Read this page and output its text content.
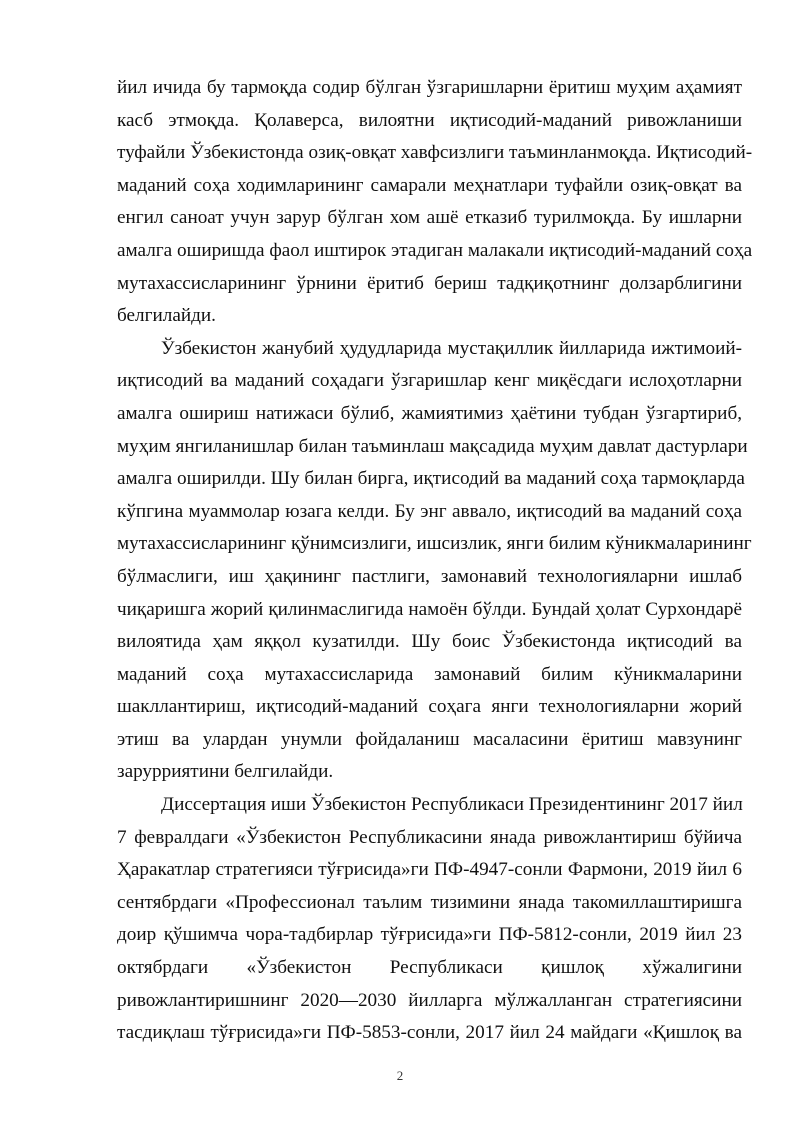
йил ичида бу тармоқда содир бўлган ўзгаришларни ёритиш муҳим аҳамият
касб этмоқда. Қолаверса, вилоятни иқтисодий-маданий ривожланиши
туфайли Ўзбекистонда озиқ-овқат хавфсизлиги таъминланмоқда. Иқтисодий-
маданий соҳа ходимларининг самарали меҳнатлари туфайли озиқ-овқат ва
енгил саноат учун зарур бўлган хом ашё етказиб турилмоқда. Бу ишларни
амалга оширишда фаол иштирок этадиган малакали иқтисодий-маданий соҳа
мутахассисларининг ўрнини ёритиб бериш тадқиқотнинг долзарблигини
белгилайди.
Ўзбекистон жанубий ҳудудларида мустақиллик йилларида ижтимоий-
иқтисодий ва маданий соҳадаги ўзгаришлар кенг миқёсдаги ислоҳотларни
амалга ошириш натижаси бўлиб, жамиятимиз ҳаётини тубдан ўзгартириб,
муҳим янгиланишлар билан таъминлаш мақсадида муҳим давлат дастурлари
амалга оширилди. Шу билан бирга, иқтисодий ва маданий соҳа тармоқларда
кўпгина муаммолар юзага келди. Бу энг аввало, иқтисодий ва маданий соҳа
мутахассисларининг қўнимсизлиги, ишсизлик, янги билим кўникмаларининг
бўлмаслиги, иш ҳақининг пастлиги, замонавий технологияларни ишлаб
чиқаришга жорий қилинмаслигида намоён бўлди. Бундай ҳолат Сурхондарё
вилоятида ҳам яққол кузатилди. Шу боис Ўзбекистонда иқтисодий ва
маданий соҳа мутахассисларида замонавий билим кўникмаларини
шакллантириш, иқтисодий-маданий соҳага янги технологияларни жорий
этиш ва улардан унумли фойдаланиш масаласини ёритиш мавзунинг
зарурриятини белгилайди.
Диссертация иши Ўзбекистон Республикаси Президентининг 2017 йил
7 февралдаги «Ўзбекистон Республикасини янада ривожлантириш бўйича
Ҳаракатлар стратегияси тўғрисида»ги ПФ-4947-сонли Фармони, 2019 йил 6
сентябрдаги «Профессионал таълим тизимини янада такомиллаштиришга
доир қўшимча чора-тадбирлар тўғрисида»ги ПФ-5812-сонли, 2019 йил 23
октябрдаги «Ўзбекистон Республикаси қишлоқ хўжалигини
ривожлантиришнинг 2020—2030 йилларга мўлжалланган стратегиясини
тасдиқлаш тўғрисида»ги ПФ-5853-сонли, 2017 йил 24 майдаги «Қишлоқ ва
2
